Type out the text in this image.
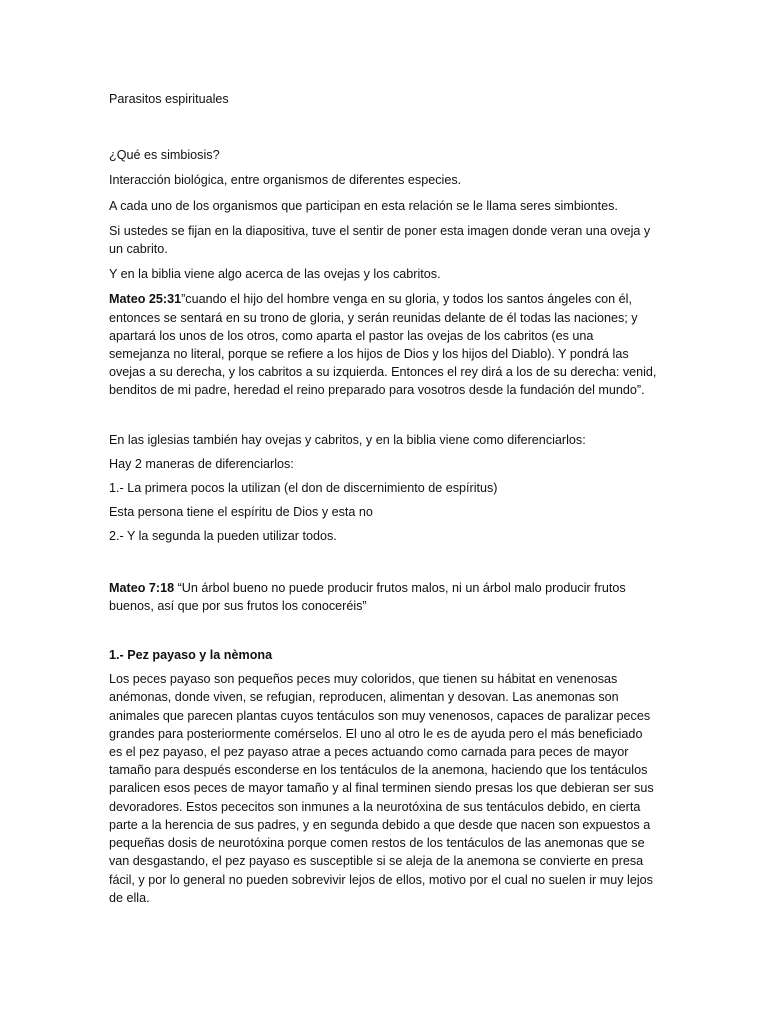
Parasitos espirituales

¿Qué es simbiosis?

Interacción biológica, entre organismos de diferentes especies.

A cada uno de los organismos que participan en esta relación se le llama seres simbiontes.

Si ustedes se fijan en la diapositiva, tuve el sentir de poner esta imagen donde veran una oveja y un cabrito.

Y en la biblia viene algo acerca de las ovejas y los cabritos.

Mateo 25:31”cuando el hijo del hombre venga en su gloria, y todos los santos ángeles con él, entonces se sentará en su trono de gloria, y serán reunidas delante de él todas las naciones; y apartará los unos de los otros, como aparta el pastor las ovejas de los cabritos (es una semejanza no literal, porque se refiere a los hijos de Dios y los hijos del Diablo). Y pondrá las ovejas a su derecha, y los cabritos a su izquierda. Entonces el rey dirá a los de su derecha: venid, benditos de mi padre, heredad el reino preparado para vosotros desde la fundación del mundo”.

En las iglesias también hay ovejas y cabritos, y en la biblia viene como diferenciarlos:

Hay 2 maneras de diferenciarlos:

1.- La primera pocos la utilizan (el don de discernimiento de espíritus)

Esta persona tiene el espíritu de Dios y esta no

2.- Y la segunda la pueden utilizar todos.

Mateo 7:18 “Un árbol bueno no puede producir frutos malos, ni un árbol malo producir frutos buenos, así que por sus frutos los conoceréis”

1.- Pez payaso y la nèmona

Los peces payaso son pequeños peces muy coloridos, que tienen su hábitat en venenosas anémonas, donde viven, se refugian, reproducen, alimentan y desovan. Las anemonas son animales que parecen plantas cuyos tentáculos son muy venenosos, capaces de paralizar peces grandes para posteriormente comérselos. El uno al otro le es de ayuda pero el más beneficiado es el pez payaso, el pez payaso atrae a peces actuando como carnada para peces de mayor tamaño para después esconderse en los tentáculos de la anemona, haciendo que los tentáculos paralicen esos peces de mayor tamaño y al final terminen siendo presas los que debieran ser sus devoradores. Estos pececitos son inmunes a la neurotóxina de sus tentáculos debido, en cierta parte a la herencia de sus padres, y en segunda debido a que desde que nacen son expuestos a pequeñas dosis de neurotóxina porque comen restos de los tentáculos de las anemonas que se van desgastando, el pez payaso es susceptible si se aleja de la anemona se convierte en presa fácil, y por lo general no pueden sobrevivir lejos de ellos, motivo por el cual no suelen ir muy lejos de ella.
